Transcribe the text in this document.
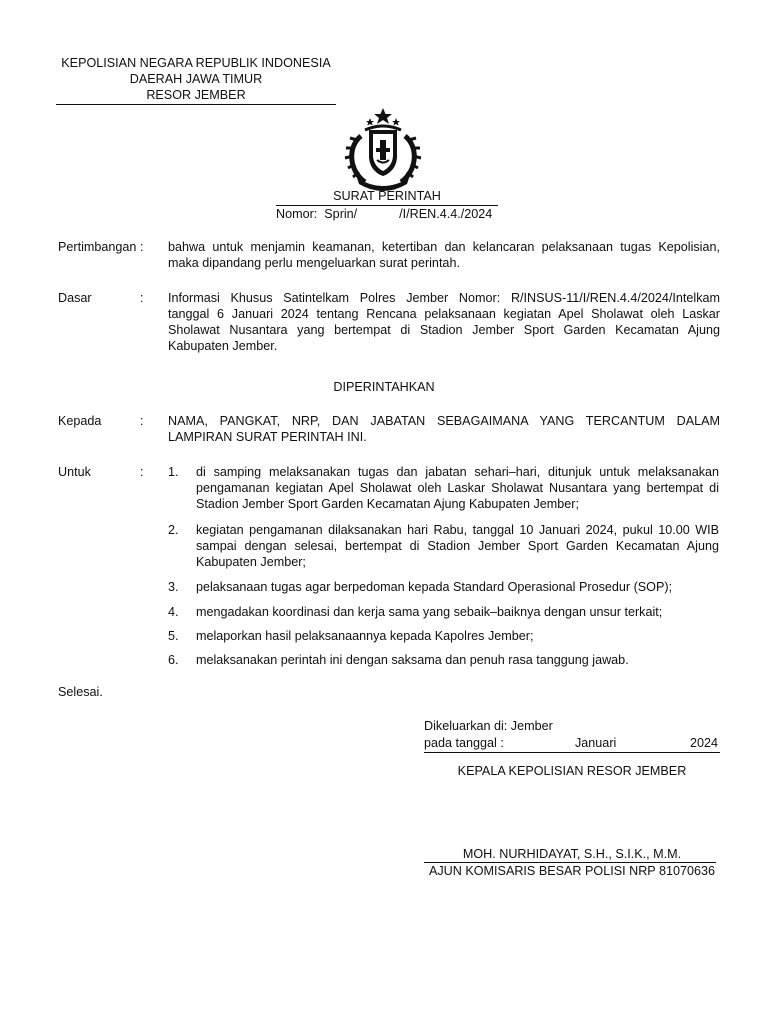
KEPOLISIAN NEGARA REPUBLIK INDONESIA
DAERAH JAWA TIMUR
RESOR JEMBER
SURAT PERINTAH
Nomor:  Sprin/            /I/REN.4.4./2024
Pertimbangan : bahwa untuk menjamin keamanan, ketertiban dan kelancaran pelaksanaan tugas Kepolisian, maka dipandang perlu mengeluarkan surat perintah.
Dasar	: Informasi Khusus Satintelkam Polres Jember Nomor: R/INSUS-11/I/REN.4.4/2024/Intelkam tanggal 6 Januari 2024 tentang Rencana pelaksanaan kegiatan Apel Sholawat oleh Laskar Sholawat Nusantara yang bertempat di Stadion Jember Sport Garden Kecamatan Ajung Kabupaten Jember.
DIPERINTAHKAN
Kepada	: NAMA, PANGKAT, NRP, DAN JABATAN SEBAGAIMANA YANG TERCANTUM DALAM LAMPIRAN SURAT PERINTAH INI.
Untuk	: 1. di samping melaksanakan tugas dan jabatan sehari–hari, ditunjuk untuk melaksanakan pengamanan kegiatan Apel Sholawat oleh Laskar Sholawat Nusantara yang bertempat di Stadion Jember Sport Garden Kecamatan Ajung Kabupaten Jember;
2. kegiatan pengamanan dilaksanakan hari Rabu, tanggal 10 Januari 2024, pukul 10.00 WIB sampai dengan selesai, bertempat di Stadion Jember Sport Garden Kecamatan Ajung Kabupaten Jember;
3. pelaksanaan tugas agar berpedoman kepada Standard Operasional Prosedur (SOP);
4. mengadakan koordinasi dan kerja sama yang sebaik–baiknya dengan unsur terkait;
5. melaporkan hasil pelaksanaannya kepada Kapolres Jember;
6. melaksanakan perintah ini dengan saksama dan penuh rasa tanggung jawab.
Selesai.
Dikeluarkan di: Jember
pada tanggal :	Januari	2024
KEPALA KEPOLISIAN RESOR JEMBER
MOH. NURHIDAYAT, S.H., S.I.K., M.M.
AJUN KOMISARIS BESAR POLISI NRP 81070636
